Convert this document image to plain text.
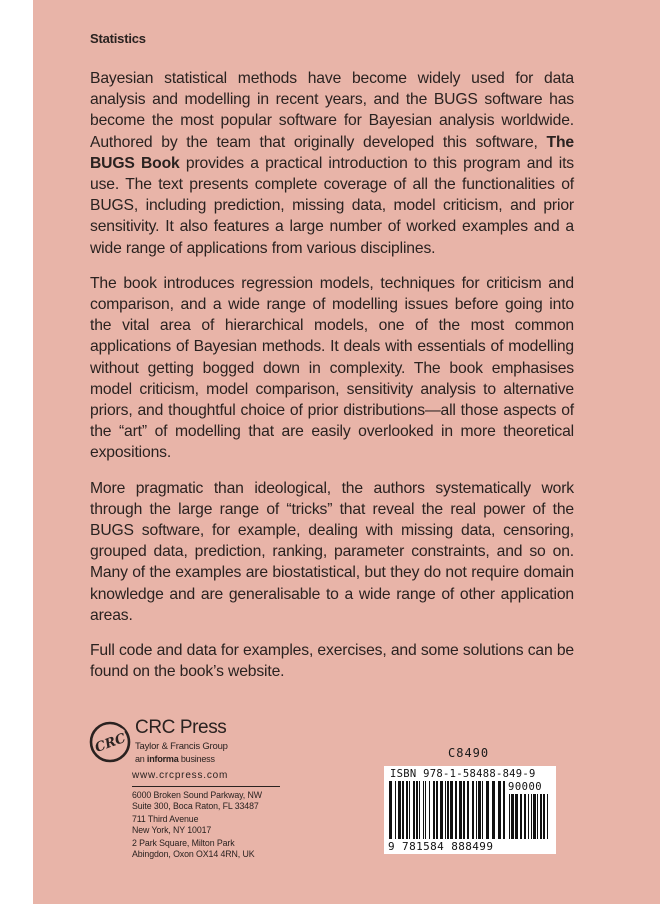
Statistics

Bayesian statistical methods have become widely used for data analysis and modelling in recent years, and the BUGS software has become the most popular software for Bayesian analysis worldwide. Authored by the team that originally developed this software, The BUGS Book provides a practical introduction to this program and its use. The text presents complete coverage of all the functionalities of BUGS, including prediction, missing data, model criticism, and prior sensitivity. It also features a large number of worked examples and a wide range of applications from various disciplines.

The book introduces regression models, techniques for criticism and comparison, and a wide range of modelling issues before going into the vital area of hierarchical models, one of the most common applications of Bayesian methods. It deals with essentials of modelling without getting bogged down in complexity. The book emphasises model criticism, model comparison, sensitivity analysis to alternative priors, and thoughtful choice of prior distributions—all those aspects of the “art” of modelling that are easily overlooked in more theoretical expositions.

More pragmatic than ideological, the authors systematically work through the large range of “tricks” that reveal the real power of the BUGS software, for example, dealing with missing data, censoring, grouped data, prediction, ranking, parameter constraints, and so on. Many of the examples are biostatistical, but they do not require domain knowledge and are generalisable to a wide range of other application areas.

Full code and data for examples, exercises, and some solutions can be found on the book’s website.

CRC
CRC Press
Taylor & Francis Group
an informa business
www.crcpress.com
6000 Broken Sound Parkway, NW
Suite 300, Boca Raton, FL 33487
711 Third Avenue
New York, NY 10017
2 Park Square, Milton Park
Abingdon, Oxon OX14 4RN, UK
C8490
ISBN 978-1-58488-849-9
90000
9 781584 888499
